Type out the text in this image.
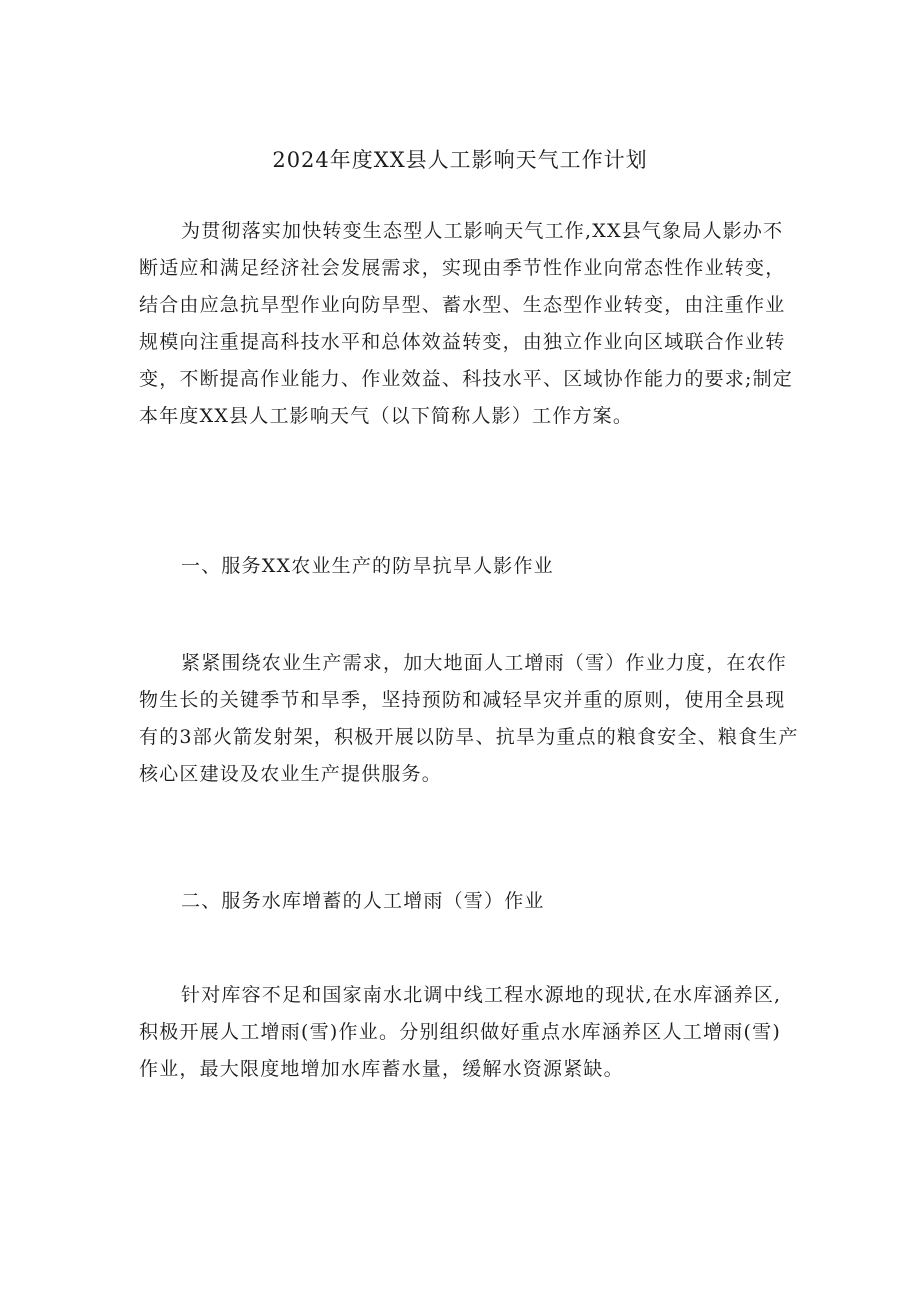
2024年度XX县人工影响天气工作计划
为贯彻落实加快转变生态型人工影响天气工作,XX县气象局人影办不
断适应和满足经济社会发展需求，实现由季节性作业向常态性作业转变，
结合由应急抗旱型作业向防旱型、蓄水型、生态型作业转变，由注重作业
规模向注重提高科技水平和总体效益转变，由独立作业向区域联合作业转
变，不断提高作业能力、作业效益、科技水平、区域协作能力的要求;制定
本年度XX县人工影响天气（以下简称人影）工作方案。
一、服务XX农业生产的防旱抗旱人影作业
紧紧围绕农业生产需求，加大地面人工增雨（雪）作业力度，在农作
物生长的关键季节和旱季，坚持预防和减轻旱灾并重的原则，使用全县现
有的3部火箭发射架，积极开展以防旱、抗旱为重点的粮食安全、粮食生产
核心区建设及农业生产提供服务。
二、服务水库增蓄的人工增雨（雪）作业
针对库容不足和国家南水北调中线工程水源地的现状,在水库涵养区,
积极开展人工增雨(雪)作业。分别组织做好重点水库涵养区人工增雨(雪)
作业，最大限度地增加水库蓄水量，缓解水资源紧缺。
